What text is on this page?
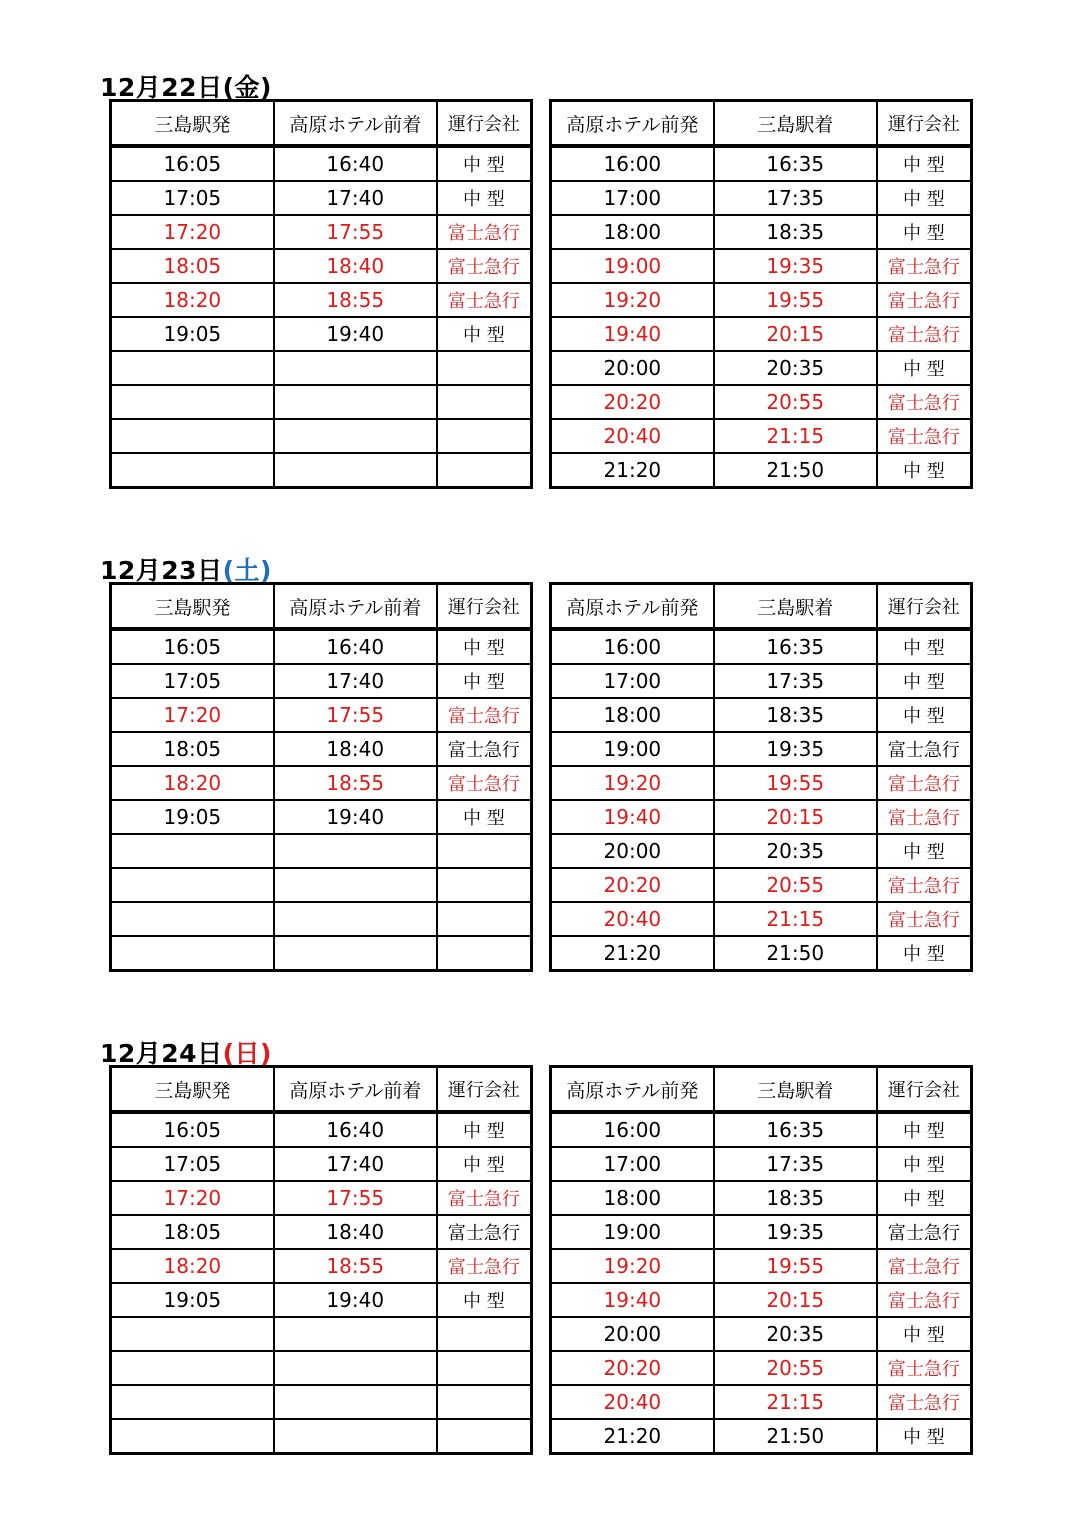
12月22日(金)
三島駅発	高原ホテル前着	運行会社
16:05	16:40	中 型
17:05	17:40	中 型
17:20	17:55	富士急行
18:05	18:40	富士急行
18:20	18:55	富士急行
19:05	19:40	中 型

高原ホテル前発	三島駅着	運行会社
16:00	16:35	中 型
17:00	17:35	中 型
18:00	18:35	中 型
19:00	19:35	富士急行
19:20	19:55	富士急行
19:40	20:15	富士急行
20:00	20:35	中 型
20:20	20:55	富士急行
20:40	21:15	富士急行
21:20	21:50	中 型
12月23日(土)
三島駅発	高原ホテル前着	運行会社
16:05	16:40	中 型
17:05	17:40	中 型
17:20	17:55	富士急行
18:05	18:40	富士急行
18:20	18:55	富士急行
19:05	19:40	中 型

高原ホテル前発	三島駅着	運行会社
16:00	16:35	中 型
17:00	17:35	中 型
18:00	18:35	中 型
19:00	19:35	富士急行
19:20	19:55	富士急行
19:40	20:15	富士急行
20:00	20:35	中 型
20:20	20:55	富士急行
20:40	21:15	富士急行
21:20	21:50	中 型
12月24日(日)
三島駅発	高原ホテル前着	運行会社
16:05	16:40	中 型
17:05	17:40	中 型
17:20	17:55	富士急行
18:05	18:40	富士急行
18:20	18:55	富士急行
19:05	19:40	中 型

高原ホテル前発	三島駅着	運行会社
16:00	16:35	中 型
17:00	17:35	中 型
18:00	18:35	中 型
19:00	19:35	富士急行
19:20	19:55	富士急行
19:40	20:15	富士急行
20:00	20:35	中 型
20:20	20:55	富士急行
20:40	21:15	富士急行
21:20	21:50	中 型
